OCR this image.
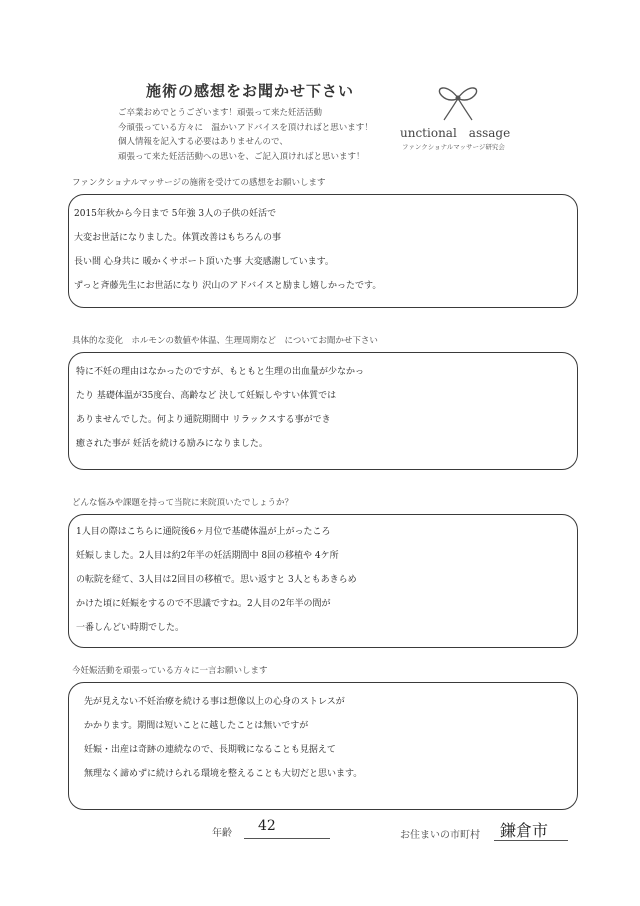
施術の感想をお聞かせ下さい
ご卒業おめでとうございます！頑張って来た妊活活動
今頑張っている方々に　温かいアドバイスを頂ければと思います！
個人情報を記入する必要はありませんので、
頑張って来た妊活活動への思いを、ご記入頂ければと思います！
unctional　assage
ファンクショナルマッサージ研究会
ファンクショナルマッサージの施術を受けての感想をお願いします
2015年秋から今日まで 5年強 3人の子供の妊活で
大変お世話になりました。体質改善はもちろんの事
長い間 心身共に 暖かくサポート頂いた事 大変感謝しています。
ずっと斉藤先生にお世話になり 沢山のアドバイスと励まし嬉しかったです。
具体的な変化　ホルモンの数値や体温、生理周期など　についてお聞かせ下さい
特に不妊の理由はなかったのですが、もともと生理の出血量が少なかっ
たり 基礎体温が35度台、高齢など 決して妊娠しやすい体質では
ありませんでした。何より通院期間中 リラックスする事ができ
癒された事が 妊活を続ける励みになりました。
どんな悩みや課題を持って当院に来院頂いたでしょうか？
1人目の際はこちらに通院後6ヶ月位で基礎体温が上がったころ
妊娠しました。2人目は約2年半の妊活期間中 8回の移植や 4ケ所
の転院を経て、3人目は2回目の移植で。思い返すと 3人ともあきらめ
かけた頃に妊娠をするので不思議ですね。2人目の2年半の間が
一番しんどい時期でした。
今妊娠活動を頑張っている方々に一言お願いします
先が見えない不妊治療を続ける事は想像以上の心身のストレスが
かかります。期間は短いことに越したことは無いですが
妊娠・出産は奇跡の連続なので、長期戦になることも見据えて
無理なく諦めずに続けられる環境を整えることも大切だと思います。
年齢 42
お住まいの市町村 鎌倉市
